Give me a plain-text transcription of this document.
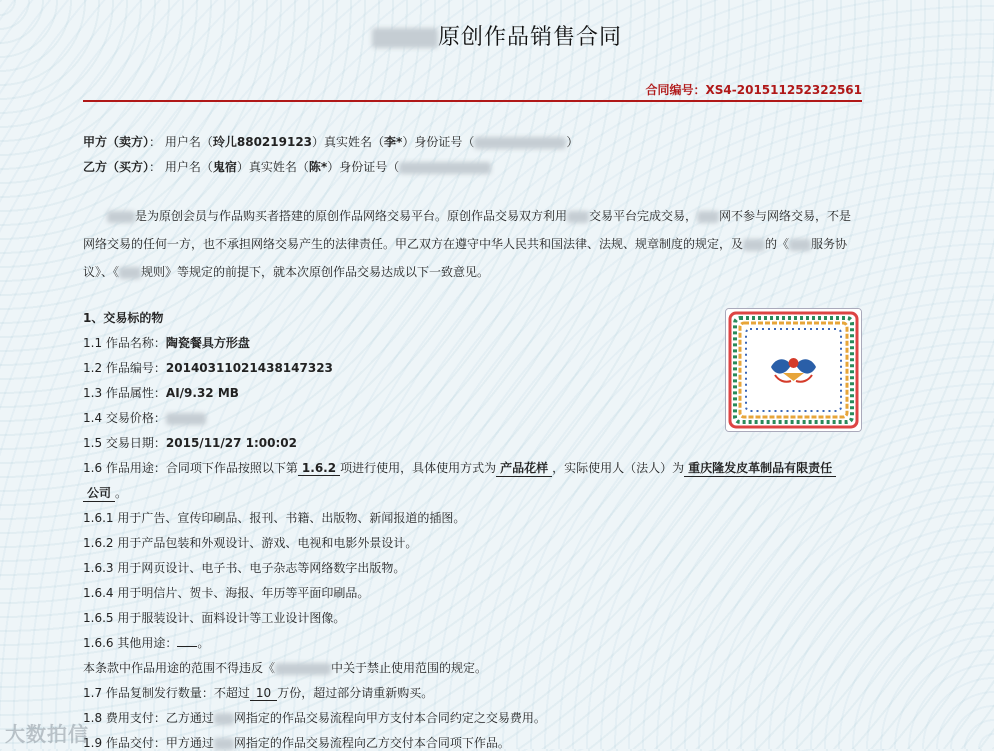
原创作品销售合同
合同编号：XS4-201511252322561
甲方（卖方）： 用户名（玲儿880219123）真实姓名（李*）身份证号（	）
乙方（买方）： 用户名（鬼宿）真实姓名（陈*）身份证号（
是为原创会员与作品购买者搭建的原创作品网络交易平台。原创作品交易双方利用 交易平台完成交易， 网不参与网络交易，不是网络交易的任何一方，也不承担网络交易产生的法律责任。甲乙双方在遵守中华人民共和国法律、法规、规章制度的规定，及 的《 服务协议》、《 规则》等规定的前提下，就本次原创作品交易达成以下一致意见。
1、交易标的物
1.1 作品名称：陶瓷餐具方形盘
1.2 作品编号：20140311021438147323
1.3 作品属性：AI/9.32 MB
1.4 交易价格：
1.5 交易日期：2015/11/27 1:00:02
1.6 作品用途：合同项下作品按照以下第 1.6.2 项进行使用，具体使用方式为 产品花样 ，实际使用人（法人）为 重庆隆发皮革制品有限责任
公司 。
1.6.1 用于广告、宣传印刷品、报刊、书籍、出版物、新闻报道的插图。
1.6.2 用于产品包装和外观设计、游戏、电视和电影外景设计。
1.6.3 用于网页设计、电子书、电子杂志等网络数字出版物。
1.6.4 用于明信片、贺卡、海报、年历等平面印刷品。
1.6.5 用于服装设计、面料设计等工业设计图像。
1.6.6 其他用途： 。
本条款中作品用途的范围不得违反《	中关于禁止使用范围的规定。
1.7 作品复制发行数量：不超过 10 万份，超过部分请重新购买。
1.8 费用支付：乙方通过 网指定的作品交易流程向甲方支付本合同约定之交易费用。
1.9 作品交付：甲方通过 网指定的作品交易流程向乙方交付本合同项下作品。
大数拍信
